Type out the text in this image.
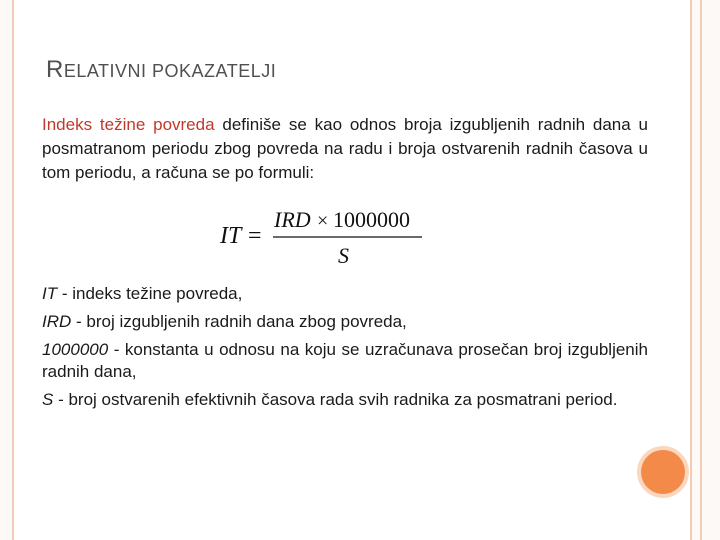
RELATIVNI POKAZATELJI

Indeks težine povreda definiše se kao odnos broja izgubljenih radnih dana u posmatranom periodu zbog povreda na radu i broja ostvarenih radnih časova u tom periodu, a računa se po formuli:

IT =
IRD × 1000000
S

IT - indeks težine povreda,

IRD - broj izgubljenih radnih dana zbog povreda,

1000000 - konstanta u odnosu na koju se uzračunava prosečan broj izgubljenih radnih dana,

S - broj ostvarenih efektivnih časova rada svih radnika za posmatrani period.
